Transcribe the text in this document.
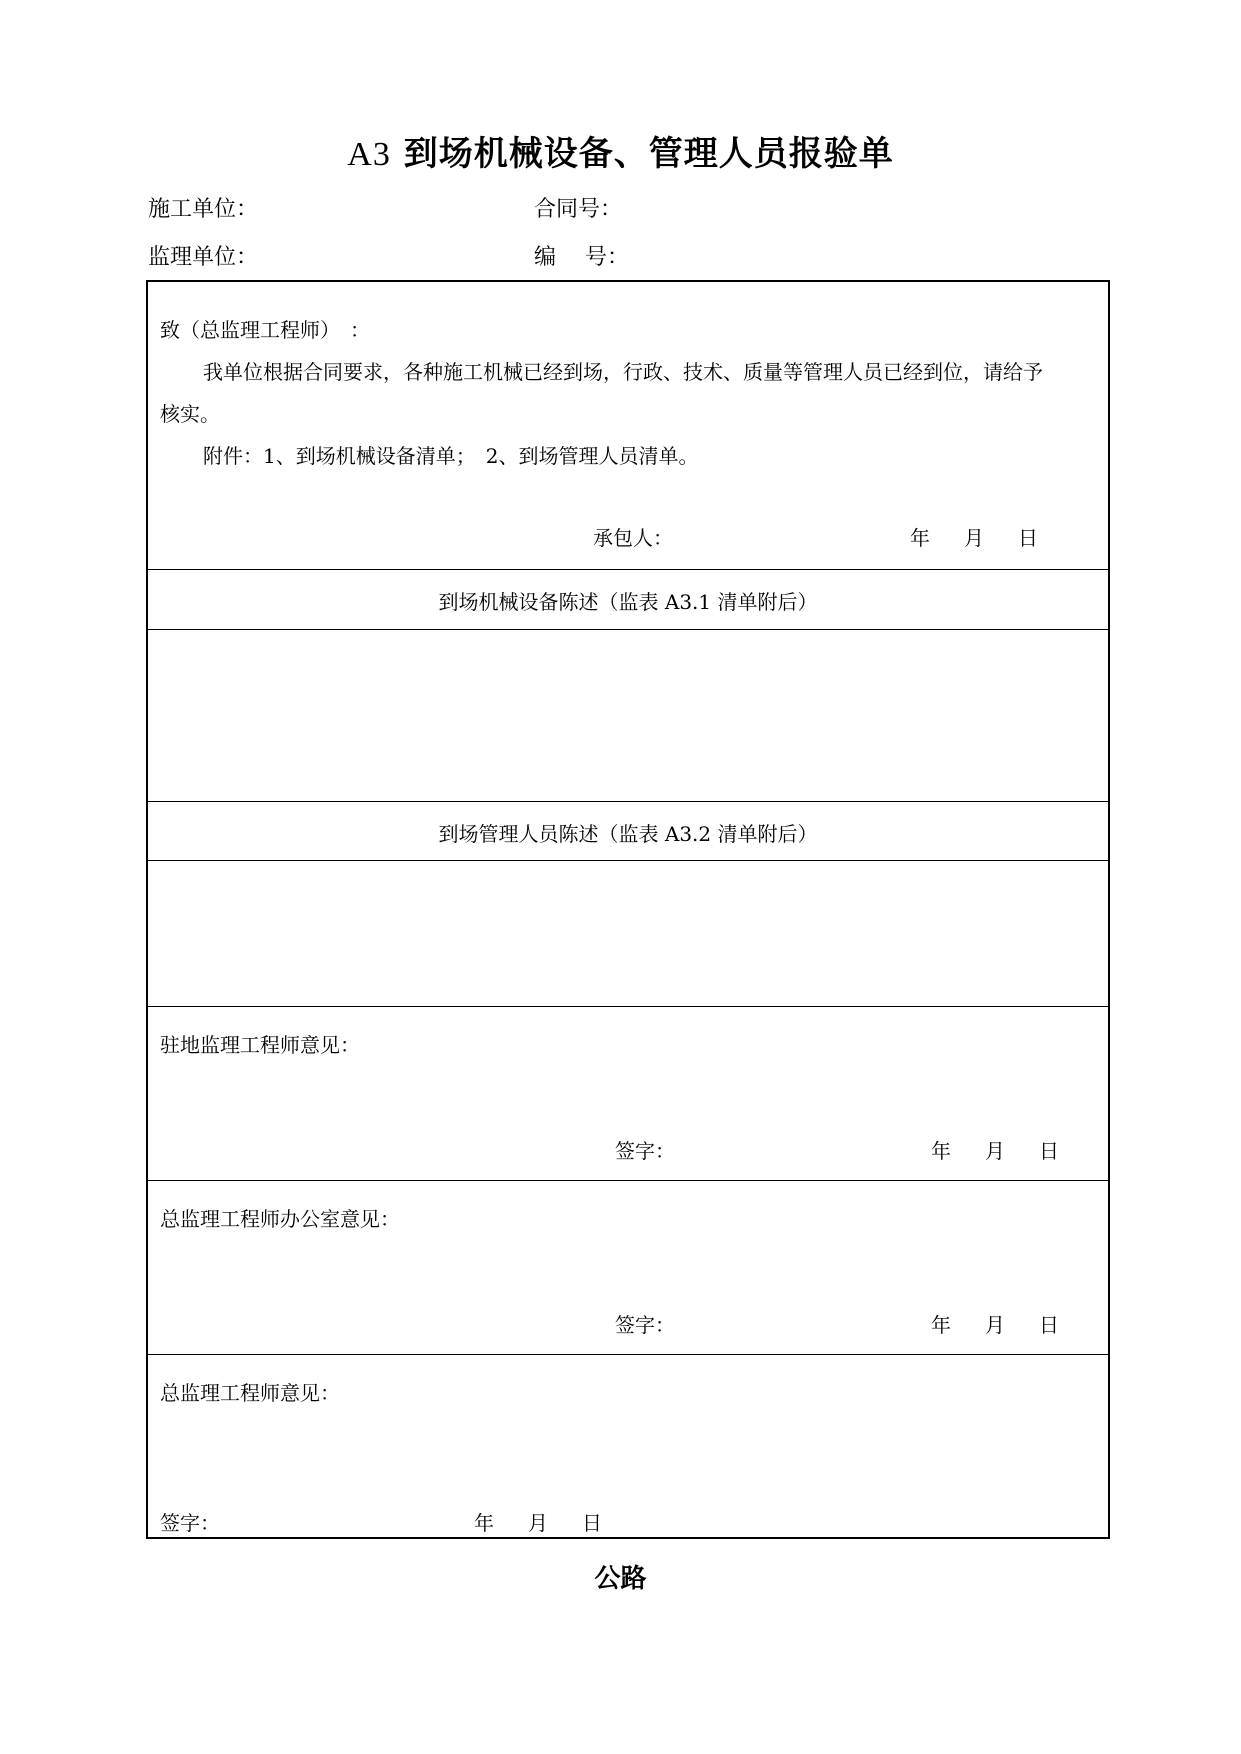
A3 到场机械设备、管理人员报验单
施工单位：	合同号：
监理单位：	编　 号：
致（总监理工程师）　：
我单位根据合同要求，各种施工机械已经到场，行政、技术、质量等管理人员已经到位，请给予
核实。
附件：1、到场机械设备清单；　2、到场管理人员清单。
承包人：	年 月 日
到场机械设备陈述（监表 A3.1 清单附后）
到场管理人员陈述（监表 A3.2 清单附后）
驻地监理工程师意见：
签字：	年 月 日
总监理工程师办公室意见：
签字：	年 月 日
总监理工程师意见：
签字：	年 月 日
公路
